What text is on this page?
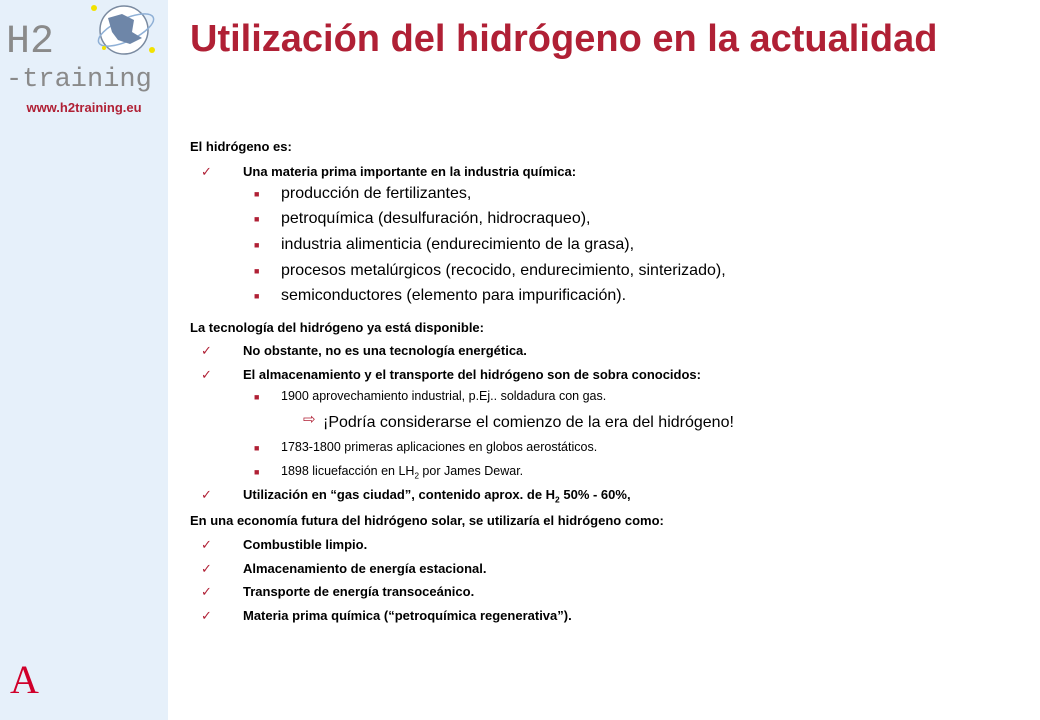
H2
-training
www.h2training.eu
A
Utilización del hidrógeno en la actualidad
El hidrógeno es:
✓ Una materia prima importante en la industria química:
■ producción de fertilizantes,
■ petroquímica (desulfuración, hidrocraqueo),
■ industria alimenticia (endurecimiento de la grasa),
■ procesos metalúrgicos (recocido, endurecimiento, sinterizado),
■ semiconductores (elemento para impurificación).
La tecnología del hidrógeno ya está disponible:
✓ No obstante, no es una tecnología energética.
✓ El almacenamiento y el transporte del hidrógeno son de sobra conocidos:
■ 1900 aprovechamiento industrial, p.Ej.. soldadura con gas.
⇨ ¡Podría considerarse el comienzo de la era del hidrógeno!
■ 1783-1800 primeras aplicaciones en globos aerostáticos.
■ 1898 licuefacción en $LH_2$ por James Dewar.
✓ Utilización en “gas ciudad”, contenido aprox. de $H_2$ 50% - 60%,
En una economía futura del hidrógeno solar, se utilizaría el hidrógeno como:
✓ Combustible limpio.
✓ Almacenamiento de energía estacional.
✓ Transporte de energía transoceánico.
✓ Materia prima química (“petroquímica regenerativa”).
